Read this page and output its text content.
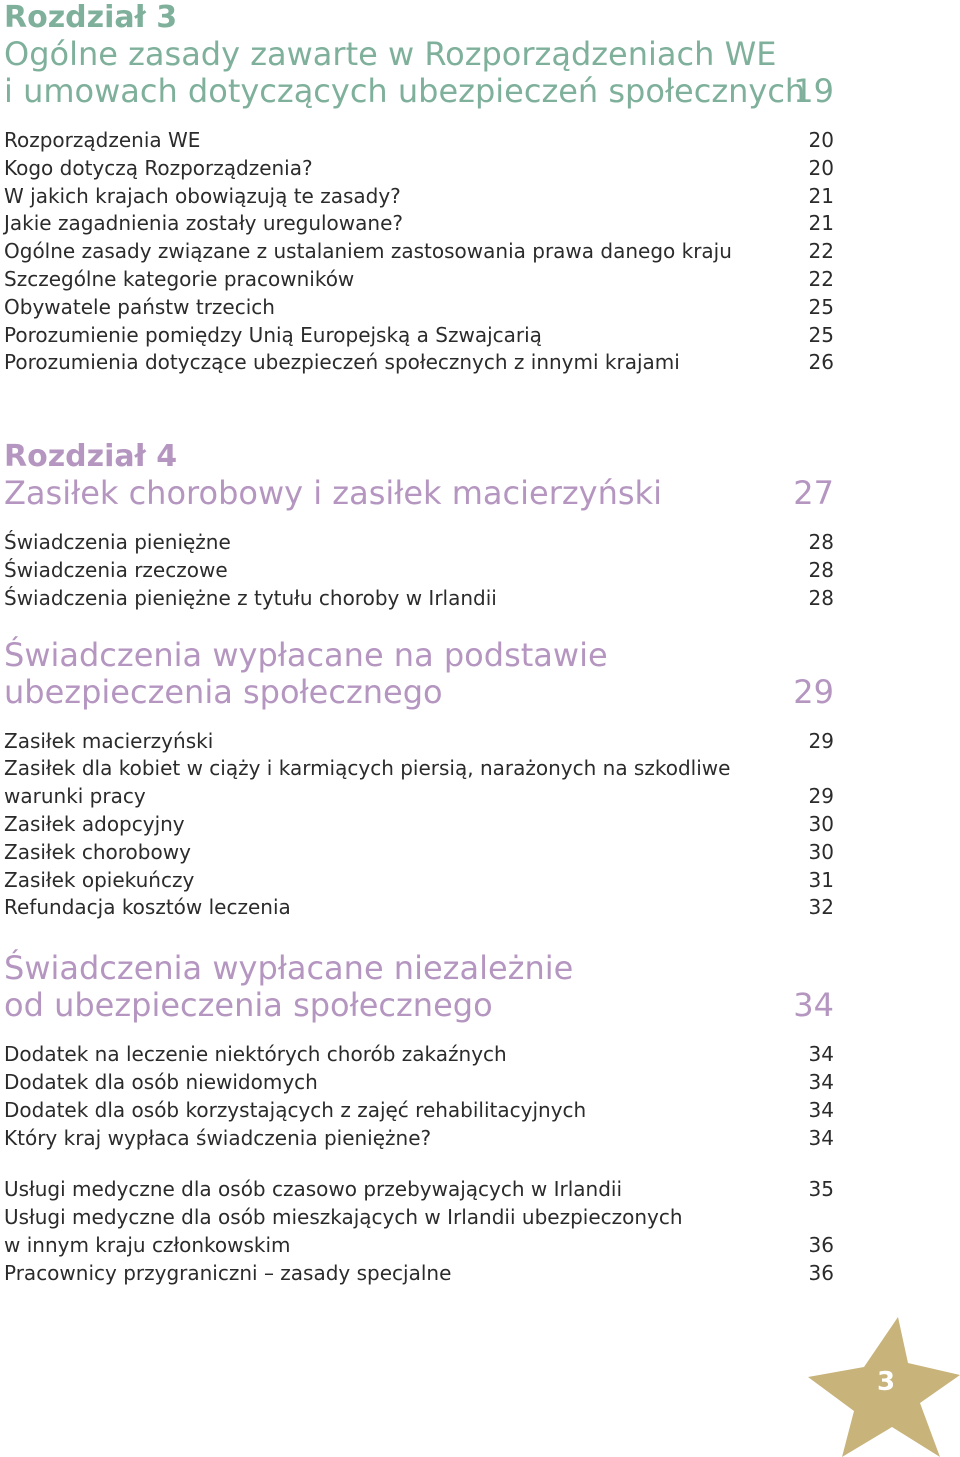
Rozdział 3
Ogólne zasady zawarte w Rozporządzeniach WE
i umowach dotyczących ubezpieczeń społecznych
19
Rozporządzenia WE	20
Kogo dotyczą Rozporządzenia?	20
W jakich krajach obowiązują te zasady?	21
Jakie zagadnienia zostały uregulowane?	21
Ogólne zasady związane z ustalaniem zastosowania prawa danego kraju	22
Szczególne kategorie pracowników	22
Obywatele państw trzecich	25
Porozumienie pomiędzy Unią Europejską a Szwajcarią	25
Porozumienia dotyczące ubezpieczeń społecznych z innymi krajami	26
Rozdział 4
Zasiłek chorobowy i zasiłek macierzyński	27
Świadczenia pieniężne	28
Świadczenia rzeczowe	28
Świadczenia pieniężne z tytułu choroby w Irlandii	28
Świadczenia wypłacane na podstawie
ubezpieczenia społecznego	29
Zasiłek macierzyński	29
Zasiłek dla kobiet w ciąży i karmiących piersią, narażonych na szkodliwe
warunki pracy	29
Zasiłek adopcyjny	30
Zasiłek chorobowy	30
Zasiłek opiekuńczy	31
Refundacja kosztów leczenia	32
Świadczenia wypłacane niezależnie
od ubezpieczenia społecznego	34
Dodatek na leczenie niektórych chorób zakaźnych	34
Dodatek dla osób niewidomych	34
Dodatek dla osób korzystających z zajęć rehabilitacyjnych	34
Który kraj wypłaca świadczenia pieniężne?	34
Usługi medyczne dla osób czasowo przebywających w Irlandii	35
Usługi medyczne dla osób mieszkających w Irlandii ubezpieczonych
w innym kraju członkowskim	36
Pracownicy przygraniczni – zasady specjalne	36
3
